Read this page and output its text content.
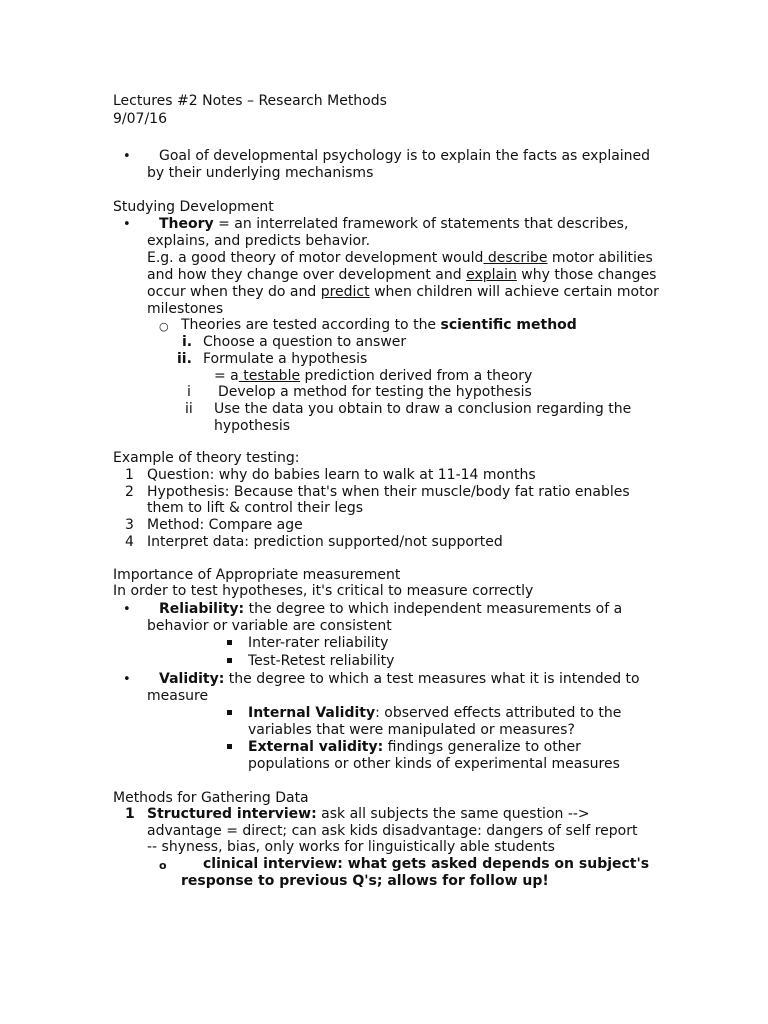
Lectures #2 Notes – Research Methods
9/07/16
• Goal of developmental psychology is to explain the facts as explained
by their underlying mechanisms
Studying Development
• Theory = an interrelated framework of statements that describes,
explains, and predicts behavior.
E.g. a good theory of motor development would describe motor abilities
and how they change over development and explain why those changes
occur when they do and predict when children will achieve certain motor
milestones
○ Theories are tested according to the scientific method
i. Choose a question to answer
ii. Formulate a hypothesis
= a testable prediction derived from a theory
i Develop a method for testing the hypothesis
ii Use the data you obtain to draw a conclusion regarding the
hypothesis
Example of theory testing:
1 Question: why do babies learn to walk at 11-14 months
2 Hypothesis: Because that's when their muscle/body fat ratio enables
them to lift & control their legs
3 Method: Compare age
4 Interpret data: prediction supported/not supported
Importance of Appropriate measurement
In order to test hypotheses, it's critical to measure correctly
• Reliability: the degree to which independent measurements of a
behavior or variable are consistent
Inter-rater reliability
Test-Retest reliability
• Validity: the degree to which a test measures what it is intended to
measure
Internal Validity: observed effects attributed to the
variables that were manipulated or measures?
External validity: findings generalize to other
populations or other kinds of experimental measures
Methods for Gathering Data
1 Structured interview: ask all subjects the same question -->
advantage = direct; can ask kids disadvantage: dangers of self report
-- shyness, bias, only works for linguistically able students
o	clinical interview: what gets asked depends on subject's
response to previous Q's; allows for follow up!
